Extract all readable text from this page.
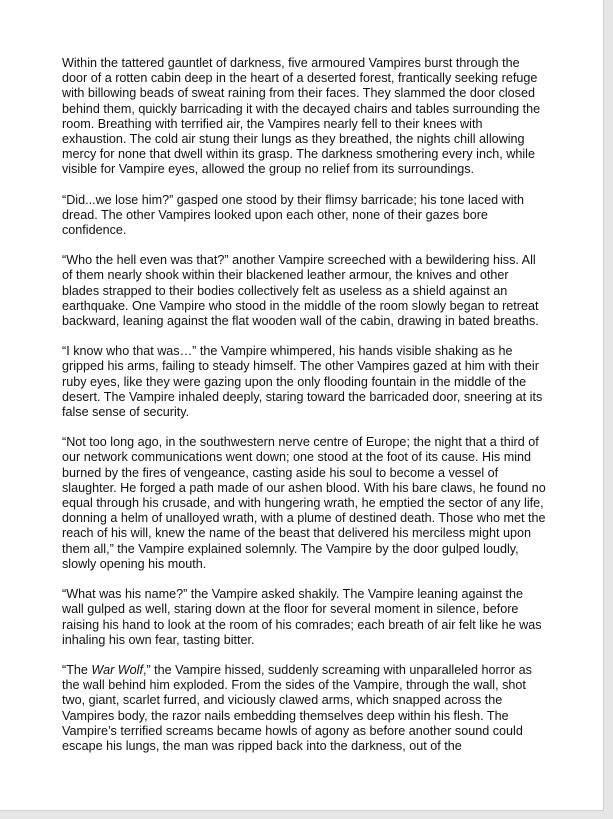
Within the tattered gauntlet of darkness, five armoured Vampires burst through the door of a rotten cabin deep in the heart of a deserted forest, frantically seeking refuge with billowing beads of sweat raining from their faces. They slammed the door closed behind them, quickly barricading it with the decayed chairs and tables surrounding the room. Breathing with terrified air, the Vampires nearly fell to their knees with exhaustion. The cold air stung their lungs as they breathed, the nights chill allowing mercy for none that dwell within its grasp. The darkness smothering every inch, while visible for Vampire eyes, allowed the group no relief from its surroundings.

“Did...we lose him?” gasped one stood by their flimsy barricade; his tone laced with dread. The other Vampires looked upon each other, none of their gazes bore confidence.

“Who the hell even was that?” another Vampire screeched with a bewildering hiss. All of them nearly shook within their blackened leather armour, the knives and other blades strapped to their bodies collectively felt as useless as a shield against an earthquake. One Vampire who stood in the middle of the room slowly began to retreat backward, leaning against the flat wooden wall of the cabin, drawing in bated breaths.

“I know who that was…” the Vampire whimpered, his hands visible shaking as he gripped his arms, failing to steady himself. The other Vampires gazed at him with their ruby eyes, like they were gazing upon the only flooding fountain in the middle of the desert. The Vampire inhaled deeply, staring toward the barricaded door, sneering at its false sense of security.

“Not too long ago, in the southwestern nerve centre of Europe; the night that a third of our network communications went down; one stood at the foot of its cause. His mind burned by the fires of vengeance, casting aside his soul to become a vessel of slaughter. He forged a path made of our ashen blood. With his bare claws, he found no equal through his crusade, and with hungering wrath, he emptied the sector of any life, donning a helm of unalloyed wrath, with a plume of destined death. Those who met the reach of his will, knew the name of the beast that delivered his merciless might upon them all,” the Vampire explained solemnly. The Vampire by the door gulped loudly, slowly opening his mouth.

“What was his name?” the Vampire asked shakily. The Vampire leaning against the wall gulped as well, staring down at the floor for several moment in silence, before raising his hand to look at the room of his comrades; each breath of air felt like he was inhaling his own fear, tasting bitter.

“The War Wolf,” the Vampire hissed, suddenly screaming with unparalleled horror as the wall behind him exploded. From the sides of the Vampire, through the wall, shot two, giant, scarlet furred, and viciously clawed arms, which snapped across the Vampires body, the razor nails embedding themselves deep within his flesh. The Vampire’s terrified screams became howls of agony as before another sound could escape his lungs, the man was ripped back into the darkness, out of the
